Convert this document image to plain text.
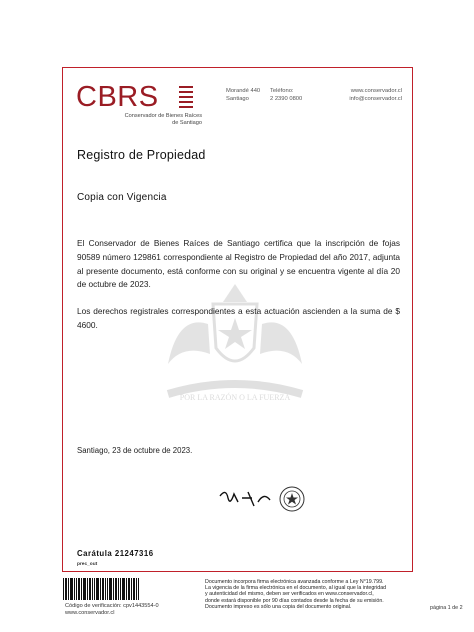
CBRS
Conservador de Bienes Raíces
de Santiago
Morandé 440
Santiago
Teléfono:
2 2390 0800
www.conservador.cl
info@conservador.cl
Registro de Propiedad
Copia con Vigencia
POR LA RAZÓN O LA FUERZA
El Conservador de Bienes Raíces de Santiago certifica que la inscripción de fojas 90589 número 129861 correspondiente al Registro de Propiedad del año 2017, adjunta al presente documento, está conforme con su original y se encuentra vigente al día 20 de octubre de 2023.
Los derechos registrales correspondientes a esta actuación ascienden a la suma de $ 4600.
Santiago, 23 de octubre de 2023.
Carátula 21247316
prec_out
Código de verificación: cpv1443554-0
www.conservador.cl
Documento incorpora firma electrónica avanzada conforme a Ley N°19.799.
La vigencia de la firma electrónica en el documento, al igual que la integridad
y autenticidad del mismo, deben ser verificados en www.conservador.cl,
donde estará disponible por 90 días contados desde la fecha de su emisión.
Documento impreso es sólo una copia del documento original.	página 1 de 2
